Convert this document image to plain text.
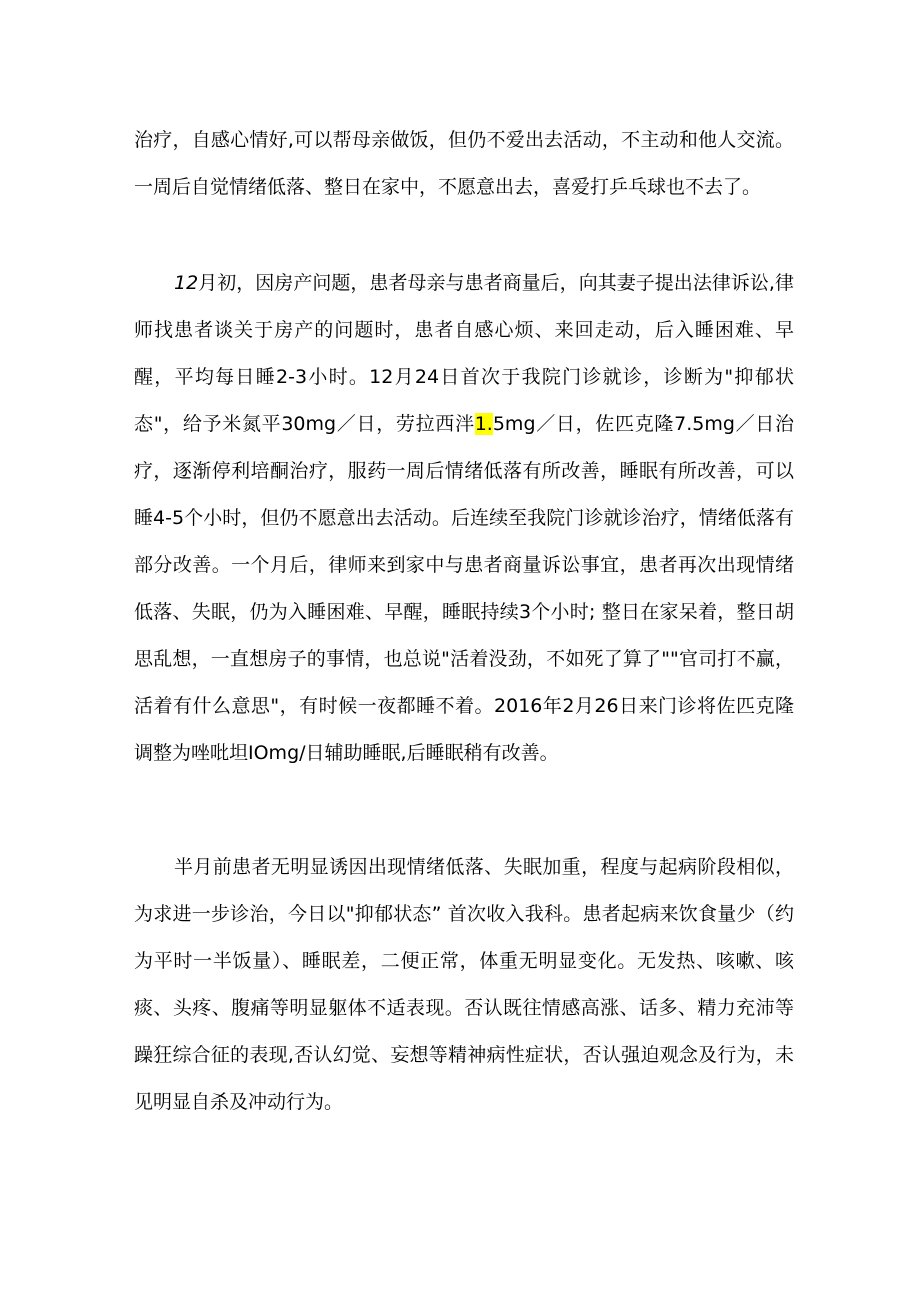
治疗，自感心情好,可以帮母亲做饭，但仍不爱出去活动，不主动和他人交流。一周后自觉情绪低落、整日在家中，不愿意出去，喜爱打乒乓球也不去了。

12月初，因房产问题，患者母亲与患者商量后，向其妻子提出法律诉讼,律师找患者谈关于房产的问题时，患者自感心烦、来回走动，后入睡困难、早醒，平均每日睡2-3小时。12月24日首次于我院门诊就诊，诊断为"抑郁状态"，给予米氮平30mg／日，劳拉西泮1.5mg／日，佐匹克隆7.5mg／日治疗，逐渐停利培酮治疗，服药一周后情绪低落有所改善，睡眠有所改善，可以睡4-5个小时，但仍不愿意出去活动。后连续至我院门诊就诊治疗，情绪低落有部分改善。一个月后，律师来到家中与患者商量诉讼事宜，患者再次出现情绪低落、失眠，仍为入睡困难、早醒，睡眠持续3个小时; 整日在家呆着，整日胡思乱想，一直想房子的事情，也总说"活着没劲，不如死了算了""官司打不赢，活着有什么意思"，有时候一夜都睡不着。2016年2月26日来门诊将佐匹克隆调整为唑吡坦IOmg/日辅助睡眠,后睡眠稍有改善。

半月前患者无明显诱因出现情绪低落、失眠加重，程度与起病阶段相似，为求进一步诊治，今日以"抑郁状态” 首次收入我科。患者起病来饮食量少（约为平时一半饭量）、睡眠差，二便正常，体重无明显变化。无发热、咳嗽、咳痰、头疼、腹痛等明显躯体不适表现。否认既往情感高涨、话多、精力充沛等躁狂综合征的表现,否认幻觉、妄想等精神病性症状，否认强迫观念及行为，未见明显自杀及冲动行为。
